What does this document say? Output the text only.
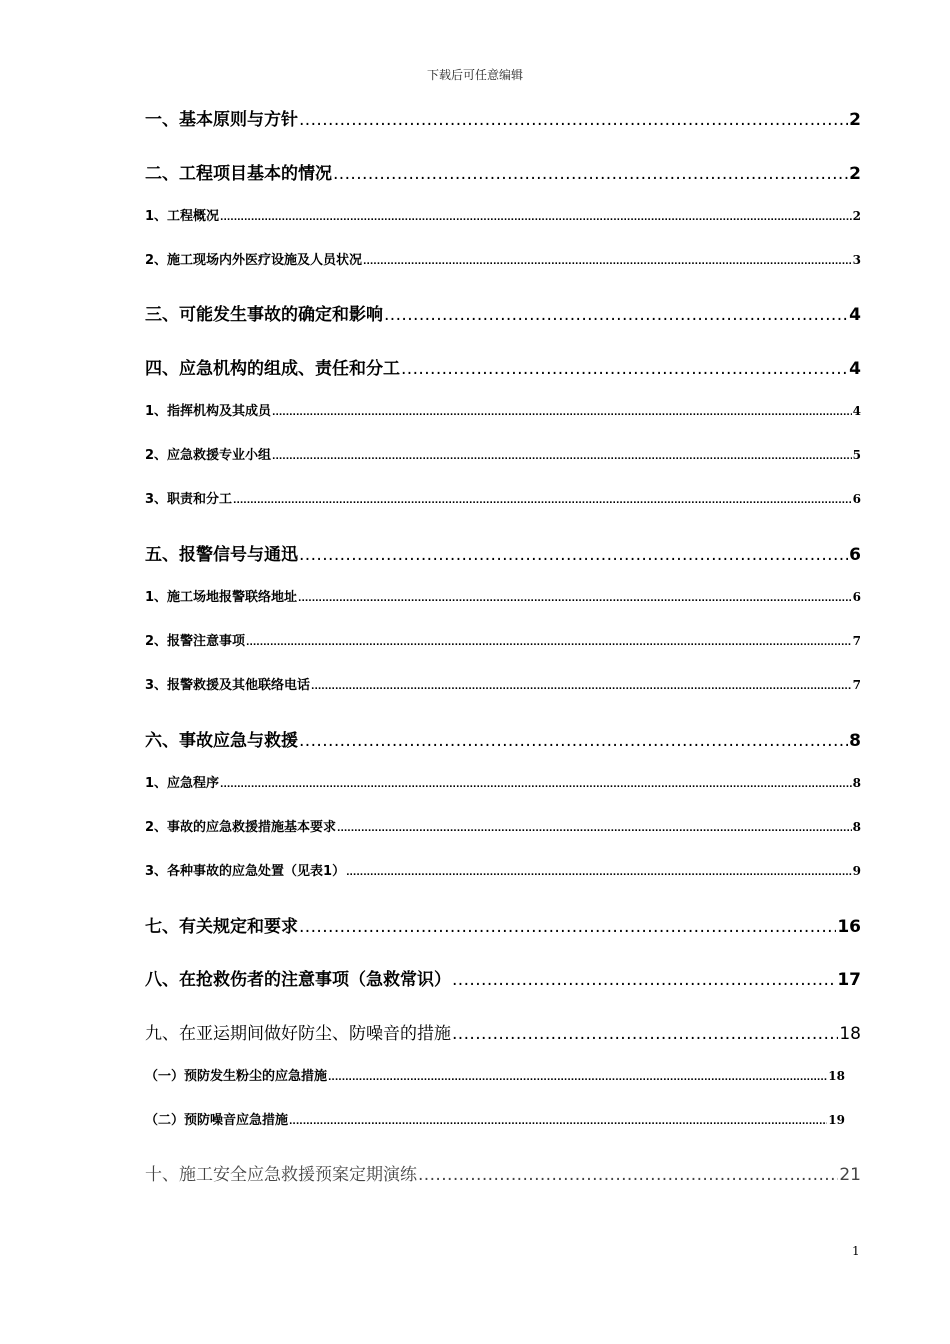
下载后可任意编辑
一、基本原则与方针 .....	2
二、工程项目基本的情况 .....	2
1、工程概况 .....	2
2、施工现场内外医疗设施及人员状况 .....	3
三、可能发生事故的确定和影响 .....	4
四、应急机构的组成、责任和分工 .....	4
1、指挥机构及其成员 .....	4
2、应急救援专业小组 .....	5
3、职责和分工 .....	6
五、报警信号与通迅 .....	6
1、施工场地报警联络地址 .....	6
2、报警注意事项 .....	7
3、报警救援及其他联络电话 .....	7
六、事故应急与救援 .....	8
1、应急程序 .....	8
2、事故的应急救援措施基本要求 .....	8
3、各种事故的应急处置（见表1） .....	9
七、有关规定和要求 .....	16
八、在抢救伤者的注意事项（急救常识） .....	17
九、在亚运期间做好防尘、防噪音的措施 .....	18
（一）预防发生粉尘的应急措施 .....	18
（二）预防噪音应急措施 .....	19
十、施工安全应急救援预案定期演练 .....	21
1
